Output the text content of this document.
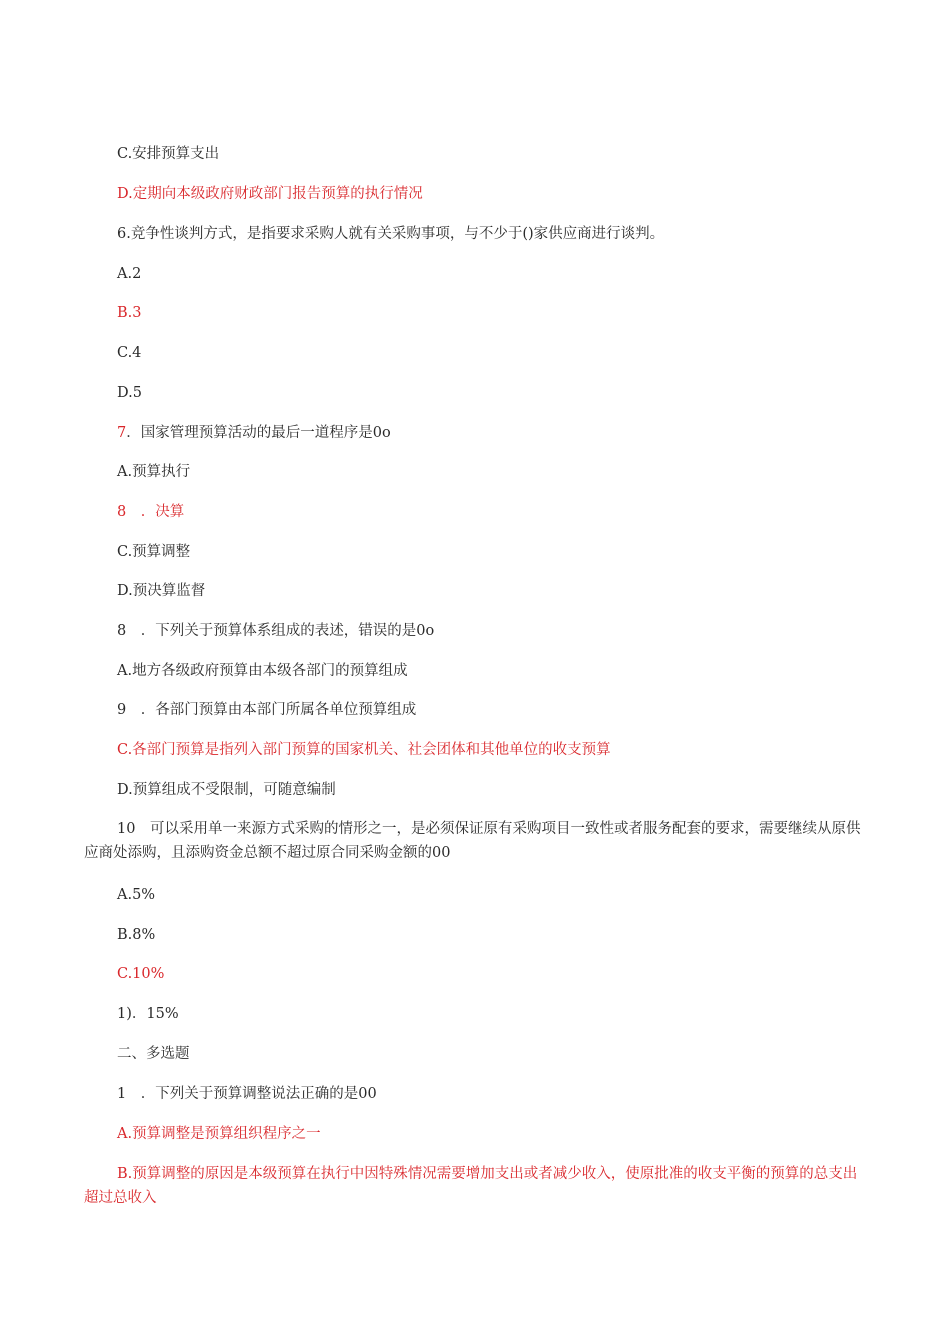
C.安排预算支出
D.定期向本级政府财政部门报告预算的执行情况
6.竞争性谈判方式，是指要求采购人就有关采购事项，与不少于()家供应商进行谈判。
A.2
B.3
C.4
D.5
7．国家管理预算活动的最后一道程序是0o
A.预算执行
8　．决算
C.预算调整
D.预决算监督
8　．下列关于预算体系组成的表述，错误的是0o
A.地方各级政府预算由本级各部门的预算组成
9　．各部门预算由本部门所属各单位预算组成
C.各部门预算是指列入部门预算的国家机关、社会团体和其他单位的收支预算
D.预算组成不受限制，可随意编制
10　可以采用单一来源方式采购的情形之一，是必须保证原有采购项目一致性或者服务配套的要求，需要继续从原供应商处添购，且添购资金总额不超过原合同采购金额的00
A.5%
B.8%
C.10%
1)．15%
二、多选题
1　．下列关于预算调整说法正确的是00
A.预算调整是预算组织程序之一
B.预算调整的原因是本级预算在执行中因特殊情况需要增加支出或者减少收入，使原批准的收支平衡的预算的总支出超过总收入
